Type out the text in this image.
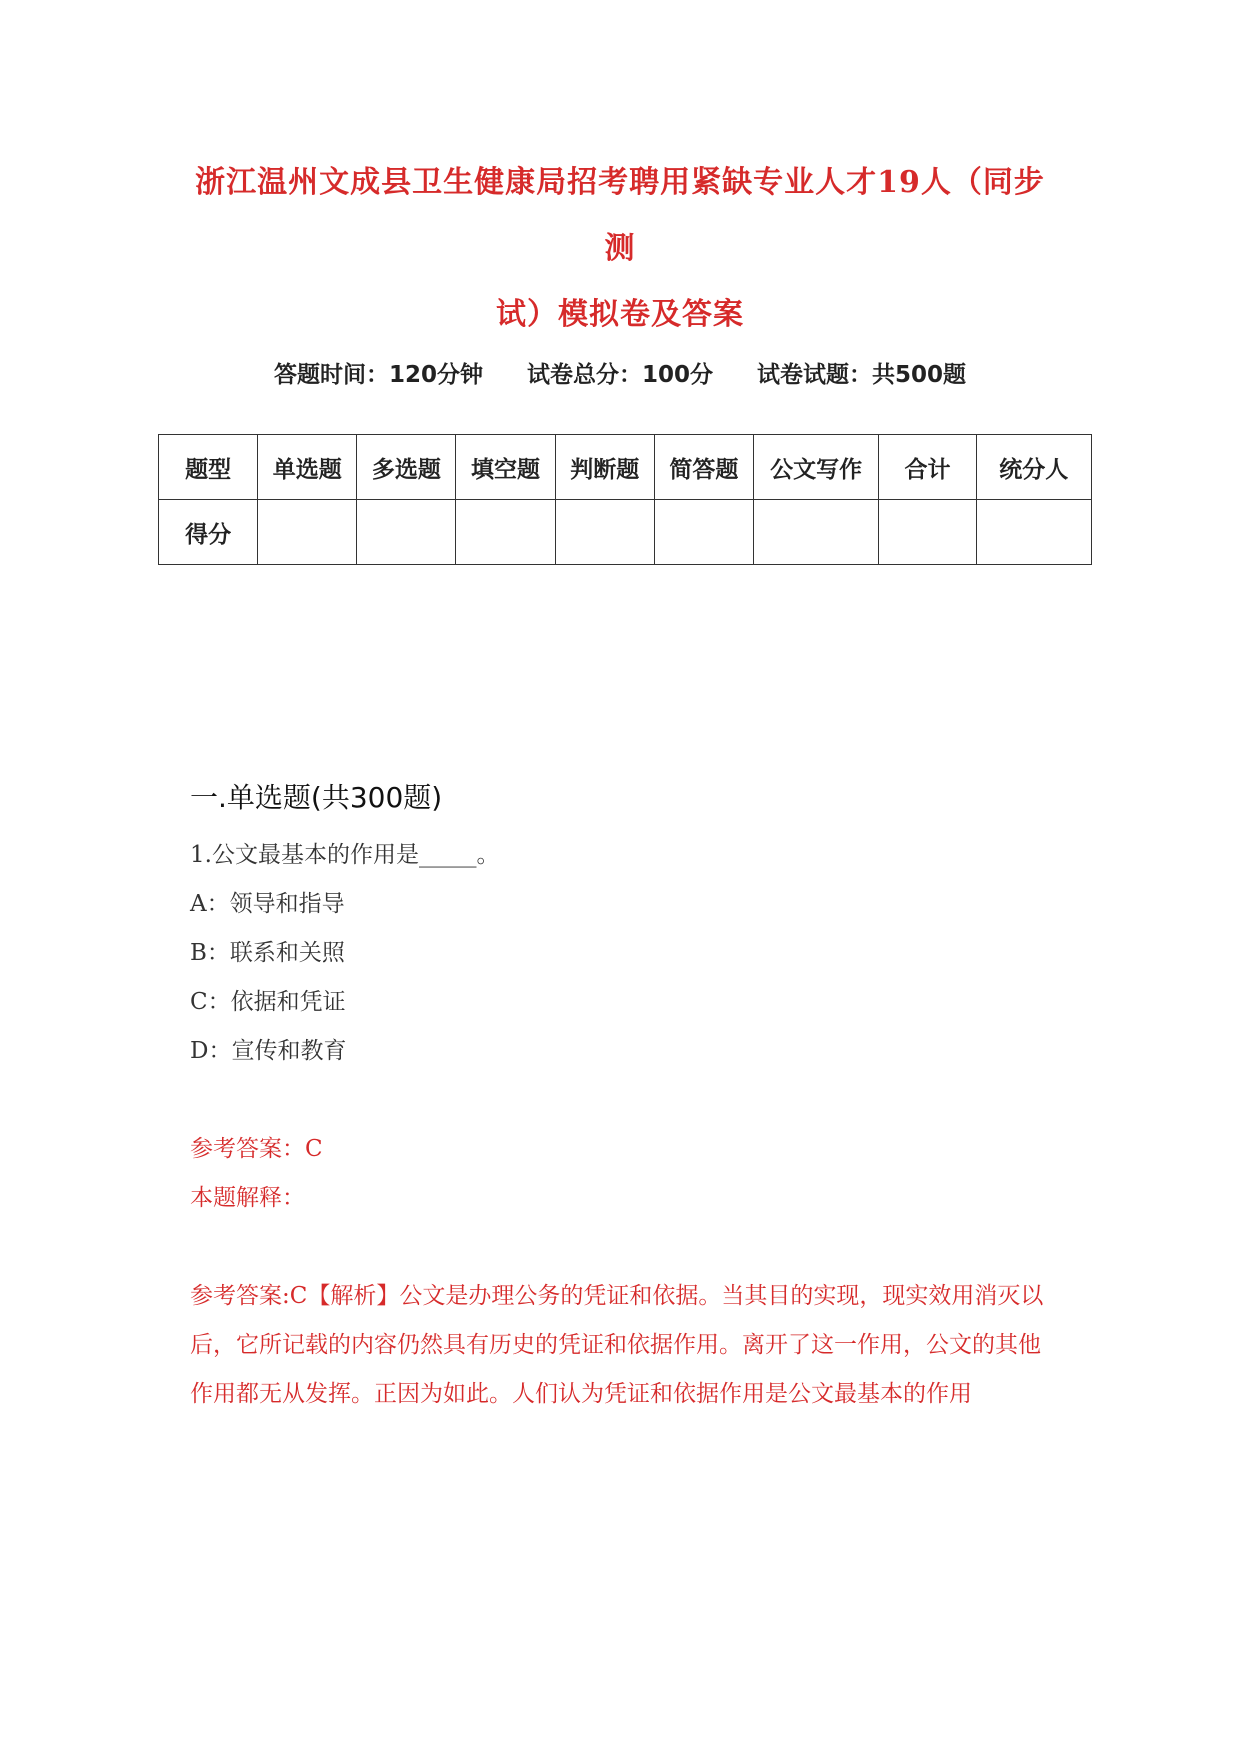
浙江温州文成县卫生健康局招考聘用紧缺专业人才19人（同步测
试）模拟卷及答案
答题时间：120分钟 试卷总分：100分 试卷试题：共500题
题型	单选题	多选题	填空题	判断题	简答题	公文写作	合计	统分人
得分								
一.单选题(共300题)
1.公文最基本的作用是_____。
A：领导和指导
B：联系和关照
C：依据和凭证
D：宣传和教育
参考答案：C
本题解释：
参考答案:C【解析】公文是办理公务的凭证和依据。当其目的实现，现实效用消灭以后，它所记载的内容仍然具有历史的凭证和依据作用。离开了这一作用，公文的其他作用都无从发挥。正因为如此。人们认为凭证和依据作用是公文最基本的作用
